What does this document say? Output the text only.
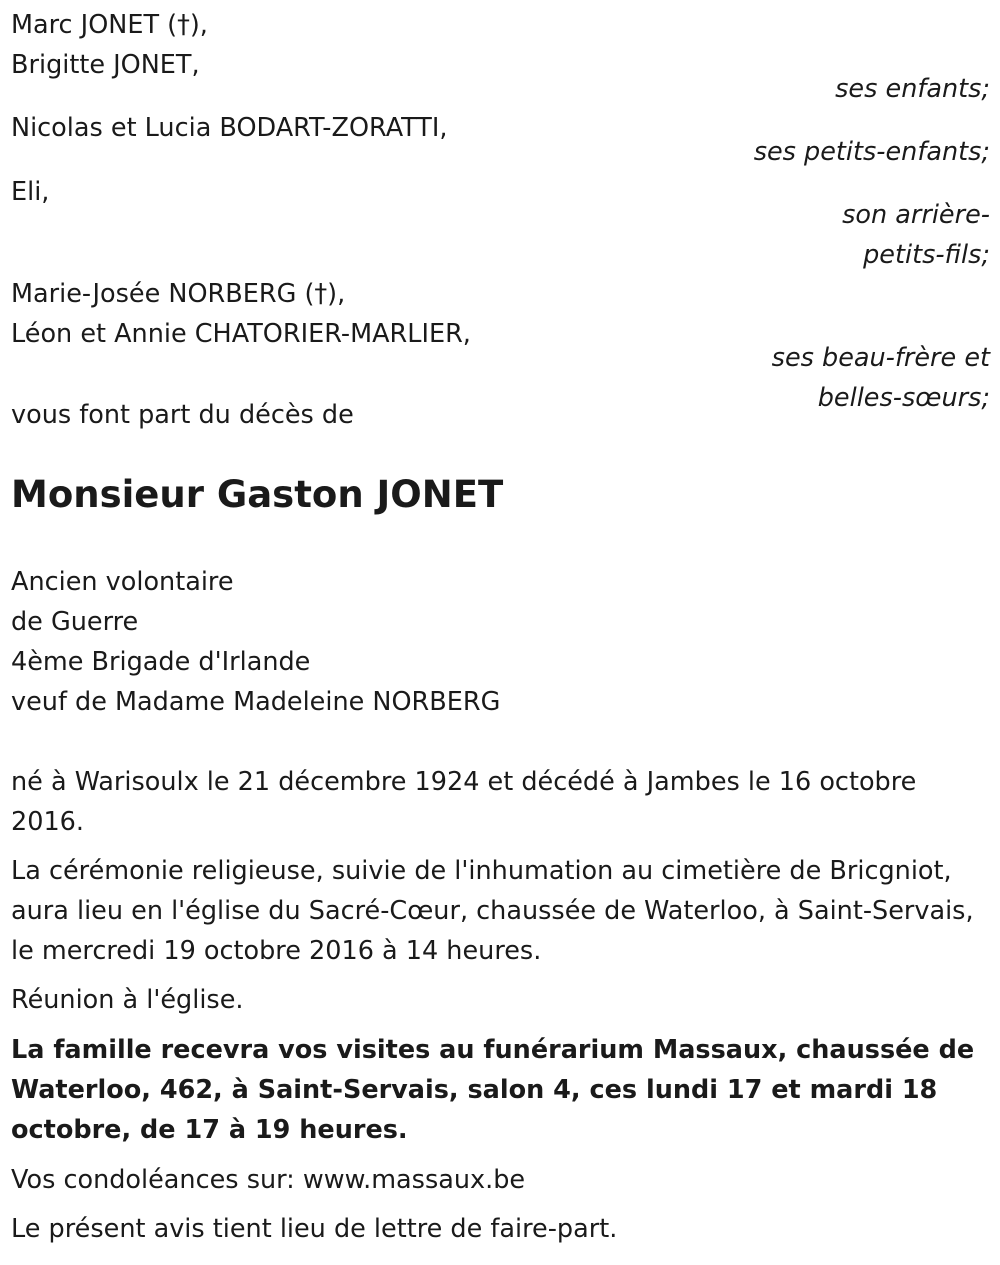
Marc JONET (†),

Brigitte JONET,

ses enfants;

Nicolas et Lucia BODART-ZORATTI,

ses petits-enfants;

Eli,

son arrière-

petits-fils;

Marie-Josée NORBERG (†),

Léon et Annie CHATORIER-MARLIER,

ses beau-frère et

belles-sœurs;

vous font part du décès de

Monsieur Gaston JONET

Ancien volontaire

de Guerre

4ème Brigade d'Irlande

veuf de Madame Madeleine NORBERG

né à Warisoulx le 21 décembre 1924 et décédé à Jambes le 16 octobre 2016.

La cérémonie religieuse, suivie de l'inhumation au cimetière de Bricgniot, aura lieu en l'église du Sacré-Cœur, chaussée de Waterloo, à Saint-Servais, le mercredi 19 octobre 2016 à 14 heures.

Réunion à l'église.

La famille recevra vos visites au funérarium Massaux, chaussée de Waterloo, 462, à Saint-Servais, salon 4, ces lundi 17 et mardi 18 octobre, de 17 à 19 heures.

Vos condoléances sur: www.massaux.be

Le présent avis tient lieu de lettre de faire-part.
